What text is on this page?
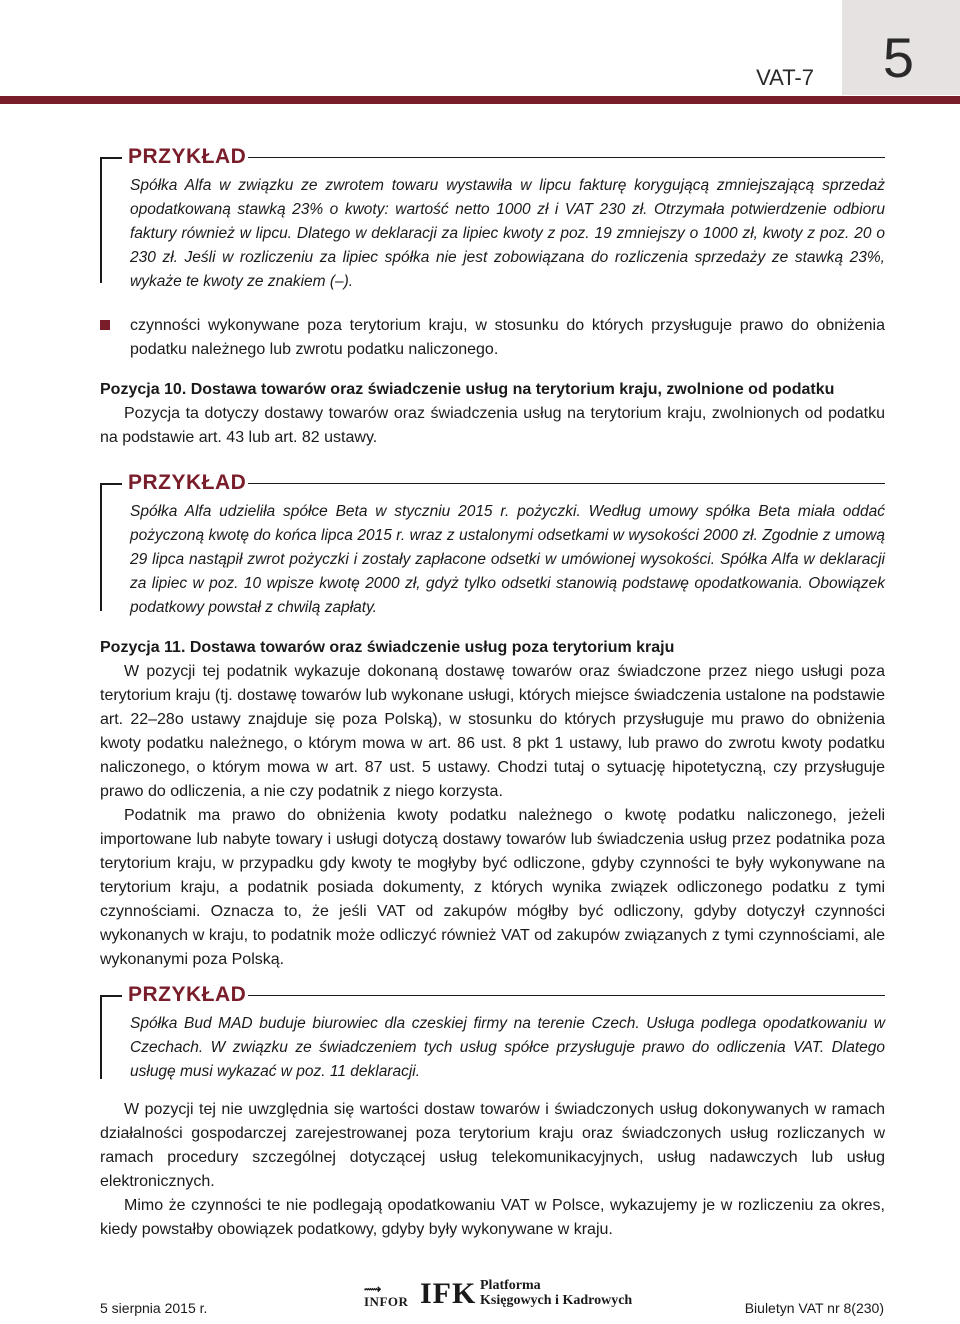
5
VAT-7
PRZYKŁAD
Spółka Alfa w związku ze zwrotem towaru wystawiła w lipcu fakturę korygującą zmniejszającą sprzedaż opodatkowaną stawką 23% o kwoty: wartość netto 1000 zł i VAT 230 zł. Otrzymała potwierdzenie odbioru faktury również w lipcu. Dlatego w deklaracji za lipiec kwoty z poz. 19 zmniejszy o 1000 zł, kwoty z poz. 20 o 230 zł. Jeśli w rozliczeniu za lipiec spółka nie jest zobowiązana do rozliczenia sprzedaży ze stawką 23%, wykaże te kwoty ze znakiem (–).
czynności wykonywane poza terytorium kraju, w stosunku do których przysługuje prawo do obniżenia podatku należnego lub zwrotu podatku naliczonego.
Pozycja 10. Dostawa towarów oraz świadczenie usług na terytorium kraju, zwolnione od podatku

Pozycja ta dotyczy dostawy towarów oraz świadczenia usług na terytorium kraju, zwolnionych od podatku na podstawie art. 43 lub art. 82 ustawy.

PRZYKŁAD
Spółka Alfa udzieliła spółce Beta w styczniu 2015 r. pożyczki. Według umowy spółka Beta miała oddać pożyczoną kwotę do końca lipca 2015 r. wraz z ustalonymi odsetkami w wysokości 2000 zł. Zgodnie z umową 29 lipca nastąpił zwrot pożyczki i zostały zapłacone odsetki w umówionej wysokości. Spółka Alfa w deklaracji za lipiec w poz. 10 wpisze kwotę 2000 zł, gdyż tylko odsetki stanowią podstawę opodatkowania. Obowiązek podatkowy powstał z chwilą zapłaty.
Pozycja 11. Dostawa towarów oraz świadczenie usług poza terytorium kraju

W pozycji tej podatnik wykazuje dokonaną dostawę towarów oraz świadczone przez niego usługi poza terytorium kraju (tj. dostawę towarów lub wykonane usługi, których miejsce świadczenia ustalone na podstawie art. 22–28o ustawy znajduje się poza Polską), w stosunku do których przysługuje mu prawo do obniżenia kwoty podatku należnego, o którym mowa w art. 86 ust. 8 pkt 1 ustawy, lub prawo do zwrotu kwoty podatku naliczonego, o którym mowa w art. 87 ust. 5 ustawy. Chodzi tutaj o sytuację hipotetyczną, czy przysługuje prawo do odliczenia, a nie czy podatnik z niego korzysta.

Podatnik ma prawo do obniżenia kwoty podatku należnego o kwotę podatku naliczonego, jeżeli importowane lub nabyte towary i usługi dotyczą dostawy towarów lub świadczenia usług przez podatnika poza terytorium kraju, w przypadku gdy kwoty te mogłyby być odliczone, gdyby czynności te były wykonywane na terytorium kraju, a podatnik posiada dokumenty, z których wynika związek odliczonego podatku z tymi czynnościami. Oznacza to, że jeśli VAT od zakupów mógłby być odliczony, gdyby dotyczył czynności wykonanych w kraju, to podatnik może odliczyć również VAT od zakupów związanych z tymi czynnościami, ale wykonanymi poza Polską.

PRZYKŁAD
Spółka Bud MAD buduje biurowiec dla czeskiej firmy na terenie Czech. Usługa podlega opodatkowaniu w Czechach. W związku ze świadczeniem tych usług spółce przysługuje prawo do odliczenia VAT. Dlatego usługę musi wykazać w poz. 11 deklaracji.

W pozycji tej nie uwzględnia się wartości dostaw towarów i świadczonych usług dokonywanych w ramach działalności gospodarczej zarejestrowanej poza terytorium kraju oraz świadczonych usług rozliczanych w ramach procedury szczególnej dotyczącej usług telekomunikacyjnych, usług nadawczych lub usług elektronicznych.

Mimo że czynności te nie podlegają opodatkowaniu VAT w Polsce, wykazujemy je w rozliczeniu za okres, kiedy powstałby obowiązek podatkowy, gdyby były wykonywane w kraju.

⟿
INFOR IFK Platforma
Księgowych i Kadrowych
5 sierpnia 2015 r.	Biuletyn VAT nr 8(230)
